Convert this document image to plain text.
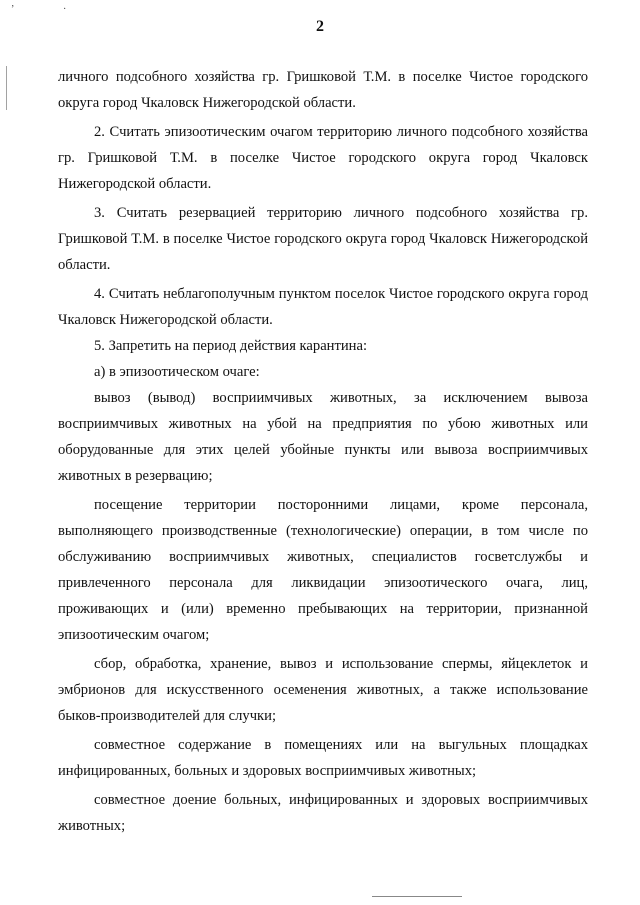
ʼ	·
2

личного подсобного хозяйства гр. Гришковой Т.М. в поселке Чистое городского округа город Чкаловск Нижегородской области.

2. Считать эпизоотическим очагом территорию личного подсобного хозяйства гр. Гришковой Т.М. в поселке Чистое городского округа город Чкаловск Нижегородской области.

3. Считать резервацией территорию личного подсобного хозяйства гр. Гришковой Т.М. в поселке Чистое городского округа город Чкаловск Нижегородской области.

4. Считать неблагополучным пунктом поселок Чистое городского округа город Чкаловск Нижегородской области.

5. Запретить на период действия карантина:

а) в эпизоотическом очаге:

вывоз (вывод) восприимчивых животных, за исключением вывоза восприимчивых животных на убой на предприятия по убою животных или оборудованные для этих целей убойные пункты или вывоза восприимчивых животных в резервацию;

посещение территории посторонними лицами, кроме персонала, выполняющего производственные (технологические) операции, в том числе по обслуживанию восприимчивых животных, специалистов госветслужбы и привлеченного персонала для ликвидации эпизоотического очага, лиц, проживающих и (или) временно пребывающих на территории, признанной эпизоотическим очагом;

сбор, обработка, хранение, вывоз и использование спермы, яйцеклеток и эмбрионов для искусственного осеменения животных, а также использование быков-производителей для случки;

совместное содержание в помещениях или на выгульных площадках инфицированных, больных и здоровых восприимчивых животных;

совместное доение больных, инфицированных и здоровых восприимчивых животных;
